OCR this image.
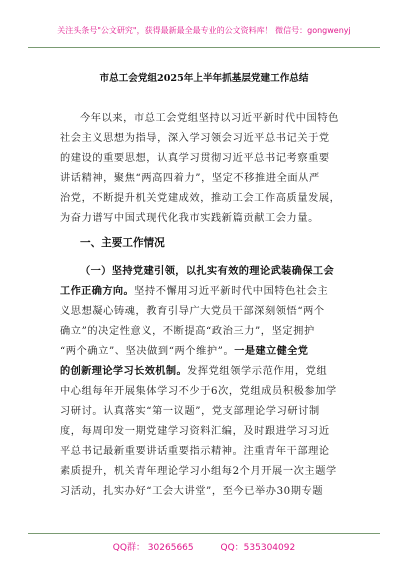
关注头条号"公文研究"，获得最新最全最专业的公文资料库！ 微信号：gongwenyj
市总工会党组2025年上半年抓基层党建工作总结
今年以来，市总工会党组坚持以习近平新时代中国特色
社会主义思想为指导，深入学习领会习近平总书记关于党
的建设的重要思想，认真学习贯彻习近平总书记考察重要
讲话精神，聚焦“两高四着力”，坚定不移推进全面从严
治党，不断提升机关党建成效，推动工会工作高质量发展，
为奋力谱写中国式现代化我市实践新篇贡献工会力量。
一、主要工作情况
（一）坚持党建引领，以扎实有效的理论武装确保工会
工作正确方向。坚持不懈用习近平新时代中国特色社会主
义思想凝心铸魂，教育引导广大党员干部深刻领悟“两个
确立”的决定性意义，不断提高“政治三力”，坚定拥护
“两个确立”、坚决做到“两个维护”。一是建立健全党
的创新理论学习长效机制。发挥党组领学示范作用，党组
中心组每年开展集体学习不少于6次，党组成员积极参加学
习研讨。认真落实“第一议题”，党支部理论学习研讨制
度，每周印发一期党建学习资料汇编，及时跟进学习习近
平总书记最新重要讲话重要指示精神。注重青年干部理论
素质提升，机关青年理论学习小组每2个月开展一次主题学
习活动，扎实办好“工会大讲堂”，至今已举办30期专题
QQ群： 30265665	QQ：535304092
